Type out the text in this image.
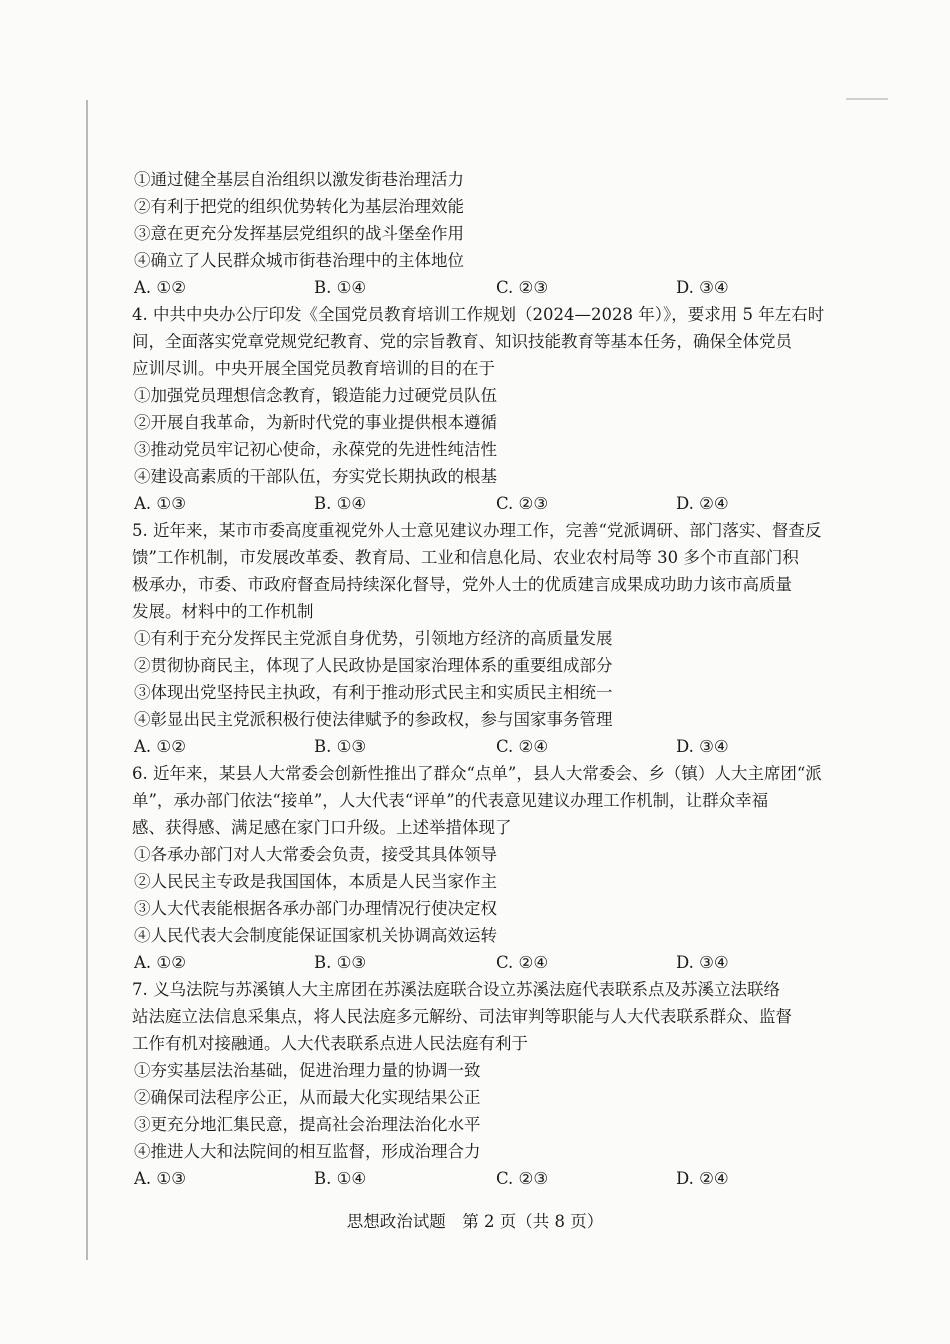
①通过健全基层自治组织以激发街巷治理活力
②有利于把党的组织优势转化为基层治理效能
③意在更充分发挥基层党组织的战斗堡垒作用
④确立了人民群众城市街巷治理中的主体地位
A. ①②	B. ①④	C. ②③	D. ③④
4. 中共中央办公厅印发《全国党员教育培训工作规划（2024—2028 年）》，要求用 5 年左右时
间，全面落实党章党规党纪教育、党的宗旨教育、知识技能教育等基本任务，确保全体党员
应训尽训。中央开展全国党员教育培训的目的在于
①加强党员理想信念教育，锻造能力过硬党员队伍
②开展自我革命，为新时代党的事业提供根本遵循
③推动党员牢记初心使命，永葆党的先进性纯洁性
④建设高素质的干部队伍，夯实党长期执政的根基
A. ①③	B. ①④	C. ②③	D. ②④
5. 近年来，某市市委高度重视党外人士意见建议办理工作，完善“党派调研、部门落实、督查反
馈”工作机制，市发展改革委、教育局、工业和信息化局、农业农村局等 30 多个市直部门积
极承办，市委、市政府督查局持续深化督导，党外人士的优质建言成果成功助力该市高质量
发展。材料中的工作机制
①有利于充分发挥民主党派自身优势，引领地方经济的高质量发展
②贯彻协商民主，体现了人民政协是国家治理体系的重要组成部分
③体现出党坚持民主执政，有利于推动形式民主和实质民主相统一
④彰显出民主党派积极行使法律赋予的参政权，参与国家事务管理
A. ①②	B. ①③	C. ②④	D. ③④
6. 近年来，某县人大常委会创新性推出了群众“点单”，县人大常委会、乡（镇）人大主席团“派
单”，承办部门依法“接单”，人大代表“评单”的代表意见建议办理工作机制，让群众幸福
感、获得感、满足感在家门口升级。上述举措体现了
①各承办部门对人大常委会负责，接受其具体领导
②人民民主专政是我国国体，本质是人民当家作主
③人大代表能根据各承办部门办理情况行使决定权
④人民代表大会制度能保证国家机关协调高效运转
A. ①②	B. ①③	C. ②④	D. ③④
7. 义乌法院与苏溪镇人大主席团在苏溪法庭联合设立苏溪法庭代表联系点及苏溪立法联络
站法庭立法信息采集点，将人民法庭多元解纷、司法审判等职能与人大代表联系群众、监督
工作有机对接融通。人大代表联系点进人民法庭有利于
①夯实基层法治基础，促进治理力量的协调一致
②确保司法程序公正，从而最大化实现结果公正
③更充分地汇集民意，提高社会治理法治化水平
④推进人大和法院间的相互监督，形成治理合力
A. ①③	B. ①④	C. ②③	D. ②④
思想政治试题　第 2 页（共 8 页）
